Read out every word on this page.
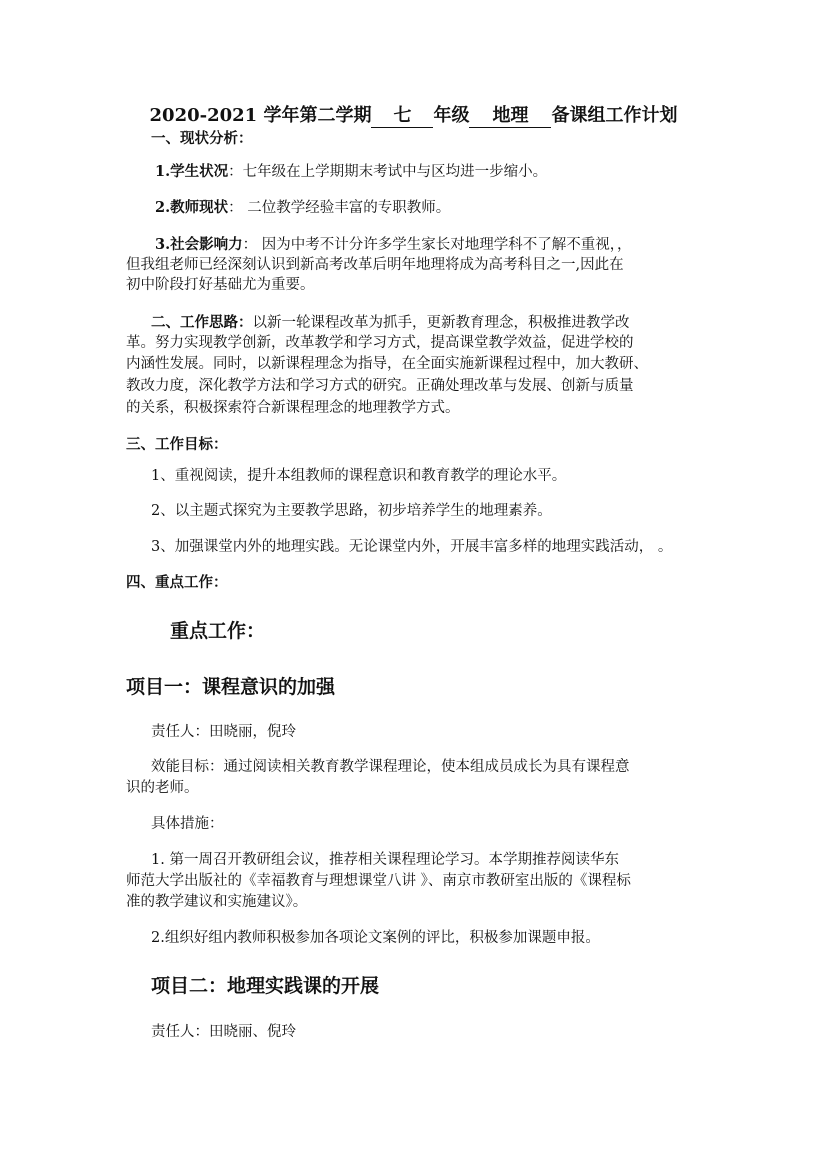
2020-2021 学年第二学期 七 年级 地理 备课组工作计划
一、现状分析：
1.学生状况：七年级在上学期期末考试中与区均进一步缩小。
2.教师现状： 二位教学经验丰富的专职教师。
3.社会影响力： 因为中考不计分许多学生家长对地理学科不了解不重视，，
但我组老师已经深刻认识到新高考改革后明年地理将成为高考科目之一,因此在
初中阶段打好基础尤为重要。
二、工作思路：以新一轮课程改革为抓手，更新教育理念，积极推进教学改
革。努力实现教学创新，改革教学和学习方式，提高课堂教学效益，促进学校的
内涵性发展。同时，以新课程理念为指导，在全面实施新课程过程中，加大教研、
教改力度，深化教学方法和学习方式的研究。正确处理改革与发展、创新与质量
的关系，积极探索符合新课程理念的地理教学方式。
三、工作目标：
1、重视阅读，提升本组教师的课程意识和教育教学的理论水平。
2、以主题式探究为主要教学思路，初步培养学生的地理素养。
3、加强课堂内外的地理实践。无论课堂内外，开展丰富多样的地理实践活动， 。
四、重点工作：
重点工作：
项目一：课程意识的加强
责任人：田晓丽，倪玲
效能目标：通过阅读相关教育教学课程理论，使本组成员成长为具有课程意
识的老师。
具体措施：
1. 第一周召开教研组会议，推荐相关课程理论学习。本学期推荐阅读华东
师范大学出版社的《幸福教育与理想课堂八讲 》、南京市教研室出版的《课程标
准的教学建议和实施建议》。
2.组织好组内教师积极参加各项论文案例的评比，积极参加课题申报。
项目二：地理实践课的开展
责任人：田晓丽、倪玲
